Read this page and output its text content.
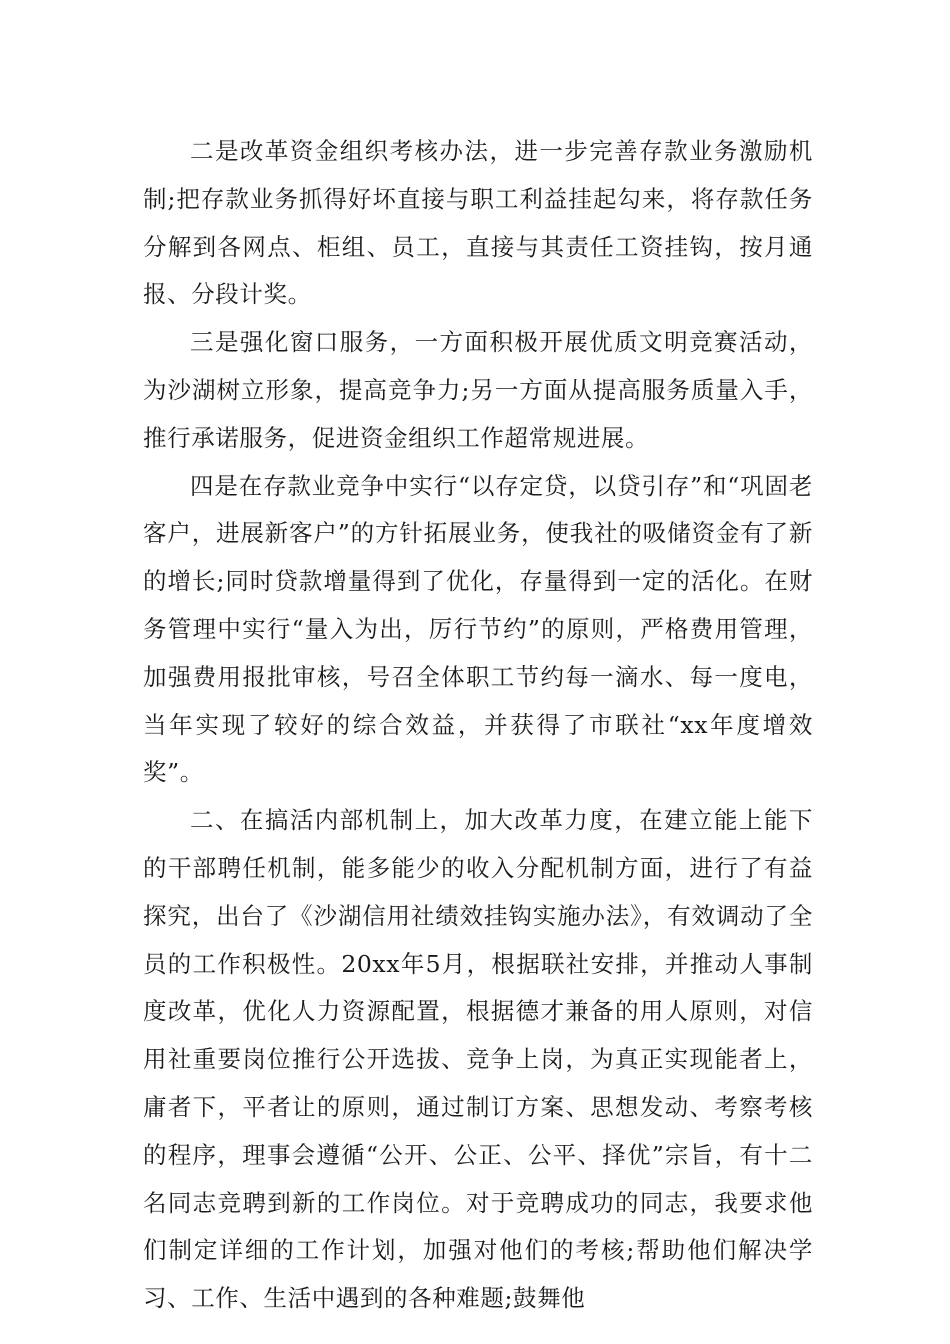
二是改革资金组织考核办法，进一步完善存款业务激励机制;把存款业务抓得好坏直接与职工利益挂起勾来，将存款任务分解到各网点、柜组、员工，直接与其责任工资挂钩，按月通报、分段计奖。

三是强化窗口服务，一方面积极开展优质文明竞赛活动，为沙湖树立形象，提高竞争力;另一方面从提高服务质量入手，推行承诺服务，促进资金组织工作超常规进展。

四是在存款业竞争中实行“以存定贷，以贷引存”和“巩固老客户，进展新客户”的方针拓展业务，使我社的吸储资金有了新的增长;同时贷款增量得到了优化，存量得到一定的活化。在财务管理中实行“量入为出，厉行节约”的原则，严格费用管理，加强费用报批审核，号召全体职工节约每一滴水、每一度电，当年实现了较好的综合效益，并获得了市联社“xx年度增效奖”。

二、在搞活内部机制上，加大改革力度，在建立能上能下的干部聘任机制，能多能少的收入分配机制方面，进行了有益探究，出台了《沙湖信用社绩效挂钩实施办法》，有效调动了全员的工作积极性。20xx年5月，根据联社安排，并推动人事制度改革，优化人力资源配置，根据德才兼备的用人原则，对信用社重要岗位推行公开选拔、竞争上岗，为真正实现能者上，庸者下，平者让的原则，通过制订方案、思想发动、考察考核的程序，理事会遵循“公开、公正、公平、择优”宗旨，有十二名同志竞聘到新的工作岗位。对于竞聘成功的同志，我要求他们制定详细的工作计划，加强对他们的考核;帮助他们解决学习、工作、生活中遇到的各种难题;鼓舞他
